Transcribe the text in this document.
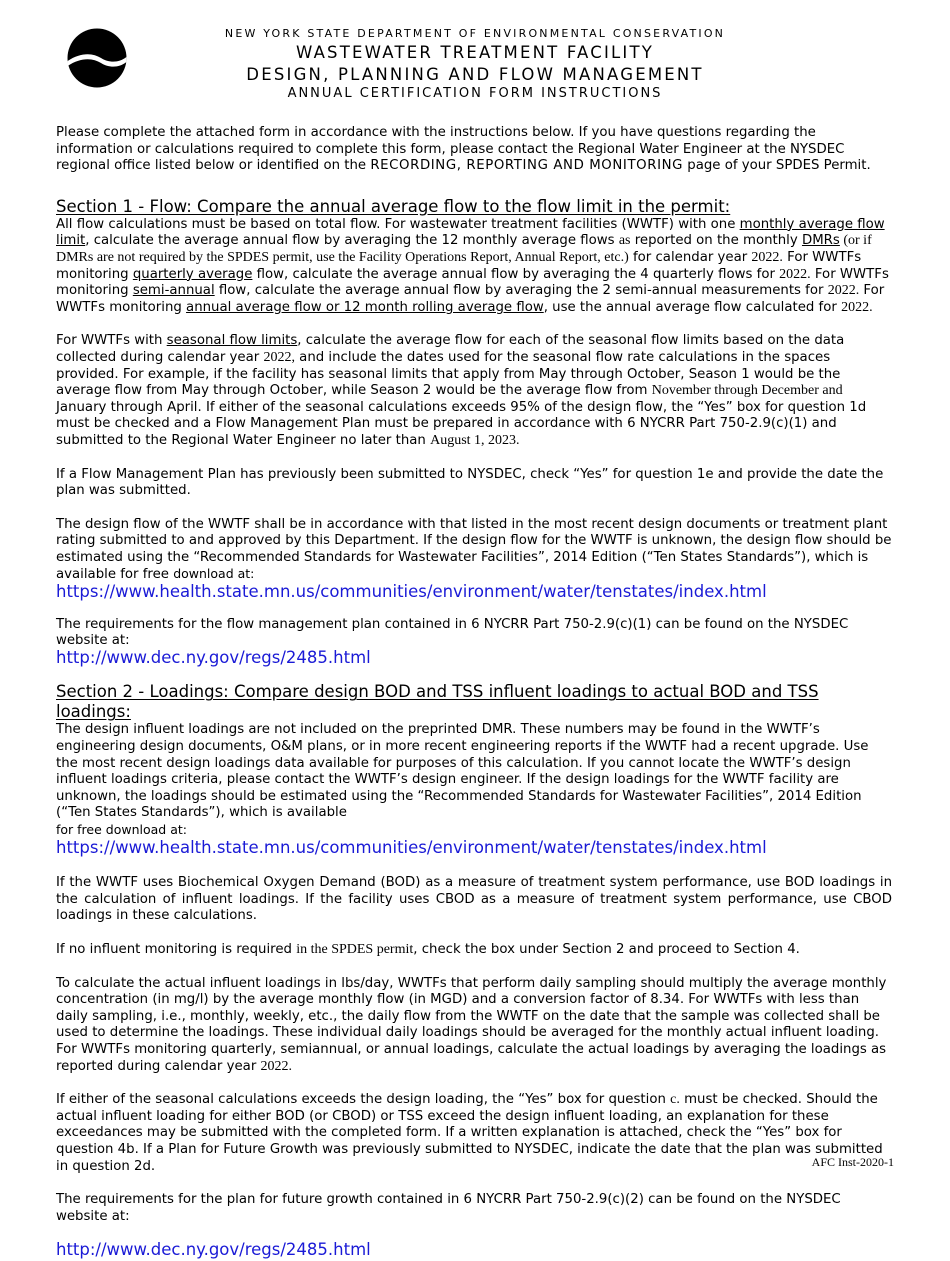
NEW YORK STATE DEPARTMENT OF ENVIRONMENTAL CONSERVATION
WASTEWATER TREATMENT FACILITY
DESIGN, PLANNING AND FLOW MANAGEMENT
ANNUAL CERTIFICATION FORM INSTRUCTIONS

Please complete the attached form in accordance with the instructions below. If you have questions regarding the information or calculations required to complete this form, please contact the Regional Water Engineer at the NYSDEC regional office listed below or identified on the RECORDING, REPORTING AND MONITORING page of your SPDES Permit.

Section 1 - Flow: Compare the annual average flow to the flow limit in the permit:

All flow calculations must be based on total flow. For wastewater treatment facilities (WWTF) with one monthly average flow limit, calculate the average annual flow by averaging the 12 monthly average flows as reported on the monthly DMRs (or if DMRs are not required by the SPDES permit, use the Facility Operations Report, Annual Report, etc.) for calendar year 2022. For WWTFs monitoring quarterly average flow, calculate the average annual flow by averaging the 4 quarterly flows for 2022. For WWTFs monitoring semi-annual flow, calculate the average annual flow by averaging the 2 semi-annual measurements for 2022. For WWTFs monitoring annual average flow or 12 month rolling average flow, use the annual average flow calculated for 2022.

For WWTFs with seasonal flow limits, calculate the average flow for each of the seasonal flow limits based on the data collected during calendar year 2022, and include the dates used for the seasonal flow rate calculations in the spaces provided. For example, if the facility has seasonal limits that apply from May through October, Season 1 would be the average flow from May through October, while Season 2 would be the average flow from November through December and January through April. If either of the seasonal calculations exceeds 95% of the design flow, the “Yes” box for question 1d must be checked and a Flow Management Plan must be prepared in accordance with 6 NYCRR Part 750-2.9(c)(1) and submitted to the Regional Water Engineer no later than August 1, 2023.

If a Flow Management Plan has previously been submitted to NYSDEC, check “Yes” for question 1e and provide the date the plan was submitted.

The design flow of the WWTF shall be in accordance with that listed in the most recent design documents or treatment plant rating submitted to and approved by this Department. If the design flow for the WWTF is unknown, the design flow should be estimated using the “Recommended Standards for Wastewater Facilities”, 2014 Edition (“Ten States Standards”), which is available for free download at: https://www.health.state.mn.us/communities/environment/water/tenstates/index.html

The requirements for the flow management plan contained in 6 NYCRR Part 750-2.9(c)(1) can be found on the NYSDEC website at:
http://www.dec.ny.gov/regs/2485.html

Section 2 - Loadings: Compare design BOD and TSS influent loadings to actual BOD and TSS loadings:

The design influent loadings are not included on the preprinted DMR. These numbers may be found in the WWTF’s engineering design documents, O&M plans, or in more recent engineering reports if the WWTF had a recent upgrade. Use the most recent design loadings data available for purposes of this calculation. If you cannot locate the WWTF’s design influent loadings criteria, please contact the WWTF’s design engineer. If the design loadings for the WWTF facility are unknown, the loadings should be estimated using the “Recommended Standards for Wastewater Facilities”, 2014 Edition (“Ten States Standards”), which is available
for free download at: https://www.health.state.mn.us/communities/environment/water/tenstates/index.html

If the WWTF uses Biochemical Oxygen Demand (BOD) as a measure of treatment system performance, use BOD loadings in the calculation of influent loadings. If the facility uses CBOD as a measure of treatment system performance, use CBOD loadings in these calculations.

If no influent monitoring is required in the SPDES permit, check the box under Section 2 and proceed to Section 4.

To calculate the actual influent loadings in lbs/day, WWTFs that perform daily sampling should multiply the average monthly concentration (in mg/l) by the average monthly flow (in MGD) and a conversion factor of 8.34. For WWTFs with less than daily sampling, i.e., monthly, weekly, etc., the daily flow from the WWTF on the date that the sample was collected shall be used to determine the loadings. These individual daily loadings should be averaged for the monthly actual influent loading. For WWTFs monitoring quarterly, semiannual, or annual loadings, calculate the actual loadings by averaging the loadings as reported during calendar year 2022.

If either of the seasonal calculations exceeds the design loading, the “Yes” box for question c. must be checked. Should the actual influent loading for either BOD (or CBOD) or TSS exceed the design influent loading, an explanation for these exceedances may be submitted with the completed form. If a written explanation is attached, check the “Yes” box for question 4b. If a Plan for Future Growth was previously submitted to NYSDEC, indicate the date that the plan was submitted in question 2d.

The requirements for the plan for future growth contained in 6 NYCRR Part 750-2.9(c)(2) can be found on the NYSDEC website at:

http://www.dec.ny.gov/regs/2485.html

AFC Inst-2020-1
